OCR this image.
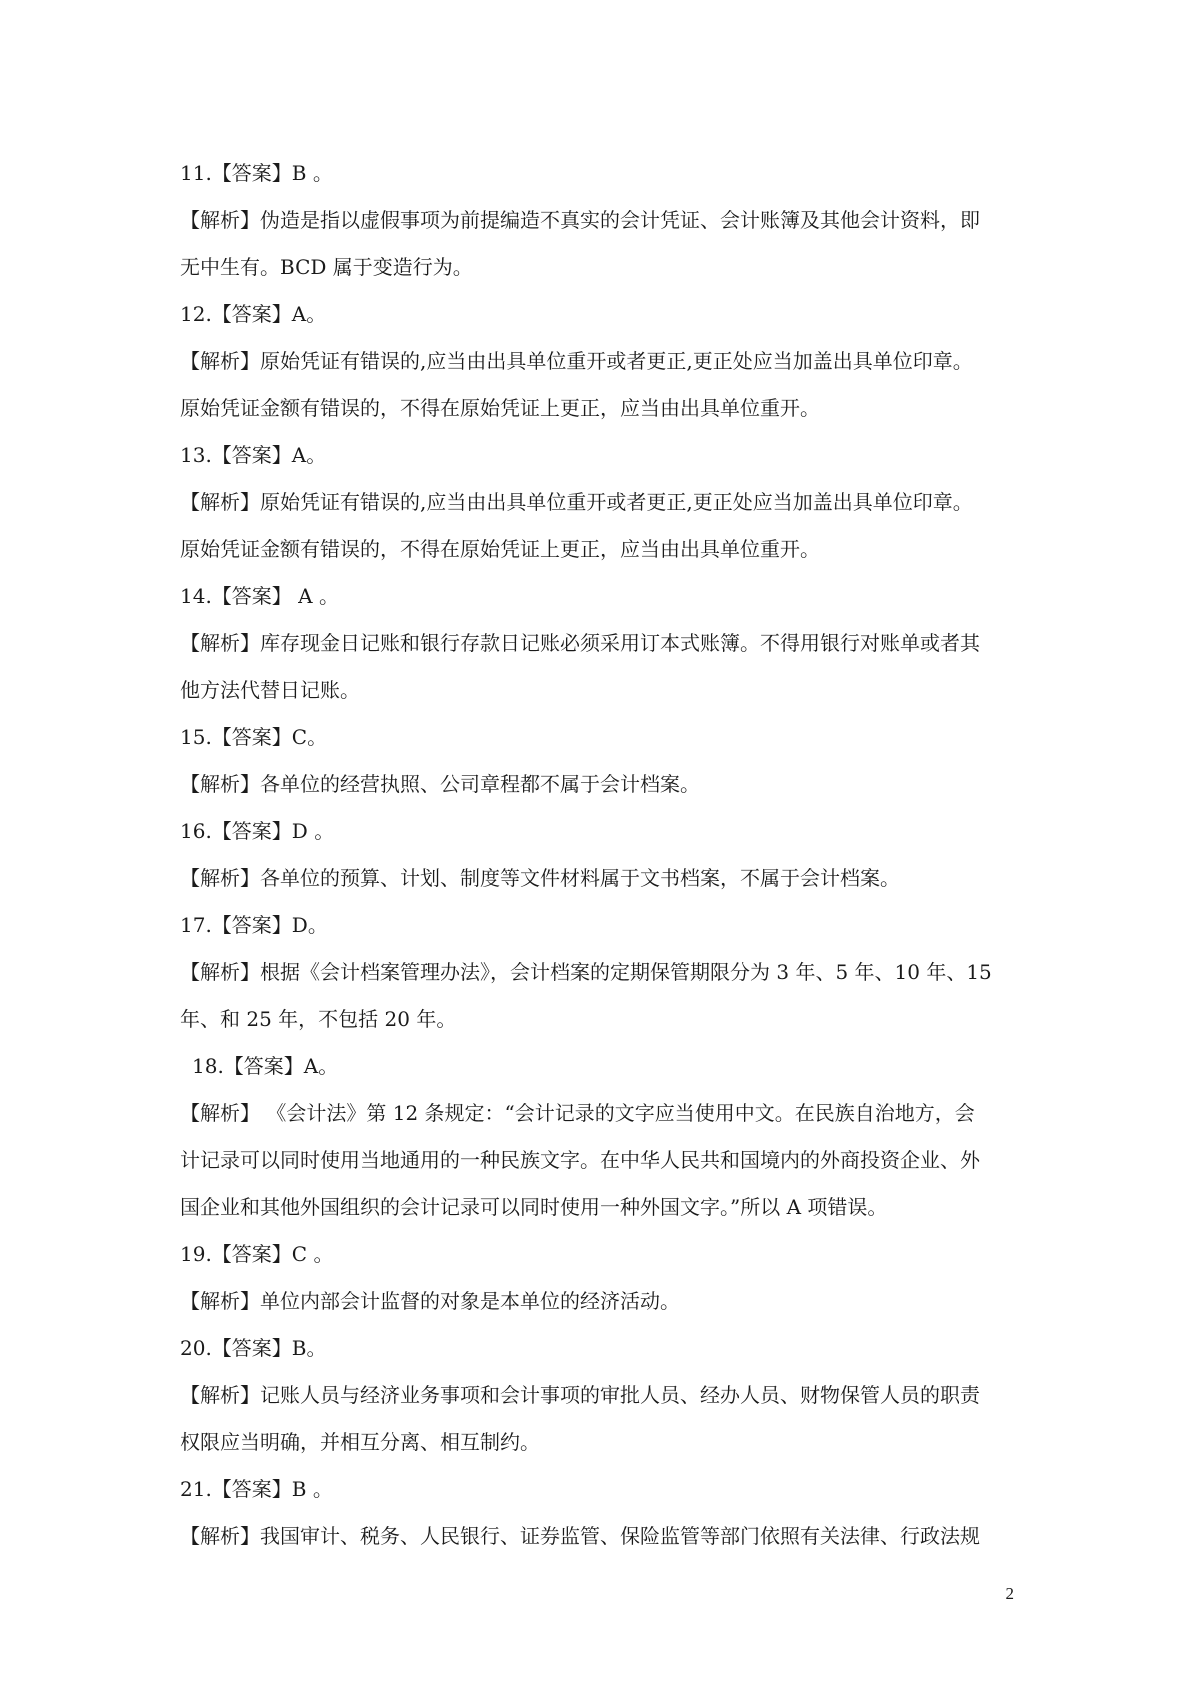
11.【答案】B 。
【解析】伪造是指以虚假事项为前提编造不真实的会计凭证、会计账簿及其他会计资料，即
无中生有。BCD 属于变造行为。
12.【答案】A。
【解析】原始凭证有错误的,应当由出具单位重开或者更正,更正处应当加盖出具单位印章。
原始凭证金额有错误的，不得在原始凭证上更正，应当由出具单位重开。
13.【答案】A。
【解析】原始凭证有错误的,应当由出具单位重开或者更正,更正处应当加盖出具单位印章。
原始凭证金额有错误的，不得在原始凭证上更正，应当由出具单位重开。
14.【答案】 A 。
【解析】库存现金日记账和银行存款日记账必须采用订本式账簿。不得用银行对账单或者其
他方法代替日记账。
15.【答案】C。
【解析】各单位的经营执照、公司章程都不属于会计档案。
16.【答案】D 。
【解析】各单位的预算、计划、制度等文件材料属于文书档案，不属于会计档案。
17.【答案】D。
【解析】根据《会计档案管理办法》，会计档案的定期保管期限分为 3 年、5 年、10 年、15
年、和 25 年，不包括 20 年。
18.【答案】A。
【解析】 《会计法》第 12 条规定：“会计记录的文字应当使用中文。在民族自治地方，会
计记录可以同时使用当地通用的一种民族文字。在中华人民共和国境内的外商投资企业、外
国企业和其他外国组织的会计记录可以同时使用一种外国文字。”所以 A 项错误。
19.【答案】C 。
【解析】单位内部会计监督的对象是本单位的经济活动。
20.【答案】B。
【解析】记账人员与经济业务事项和会计事项的审批人员、经办人员、财物保管人员的职责
权限应当明确，并相互分离、相互制约。
21.【答案】B 。
【解析】我国审计、税务、人民银行、证券监管、保险监管等部门依照有关法律、行政法规
2
